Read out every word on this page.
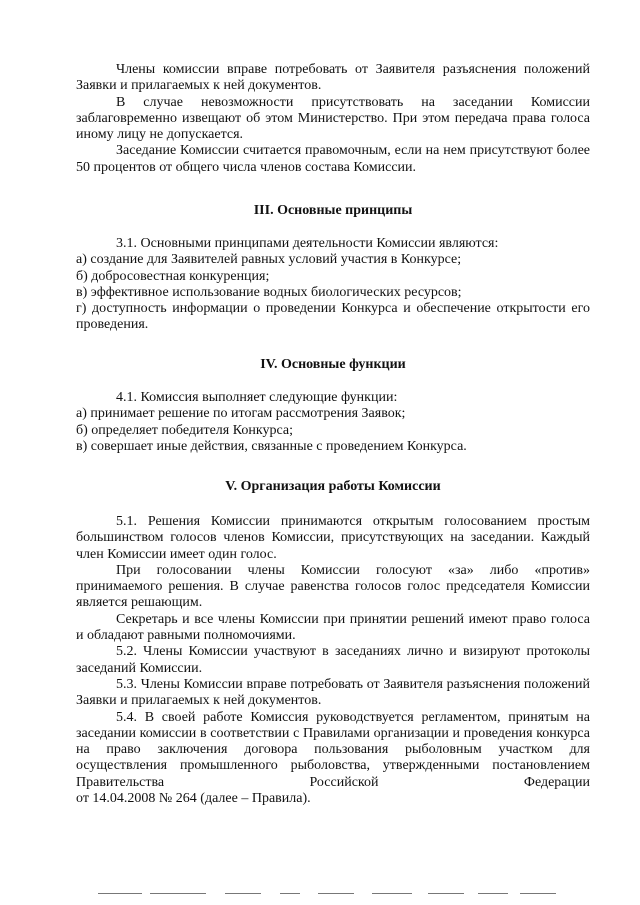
Члены комиссии вправе потребовать от Заявителя разъяснения положений Заявки и прилагаемых к ней документов.

В случае невозможности присутствовать на заседании Комиссии заблаговременно извещают об этом Министерство. При этом передача права голоса иному лицу не допускается.

Заседание Комиссии считается правомочным, если на нем присутствуют более 50 процентов от общего числа членов состава Комиссии.

III. Основные принципы

3.1. Основными принципами деятельности Комиссии являются:

а) создание для Заявителей равных условий участия в Конкурсе;

б) добросовестная конкуренция;

в) эффективное использование водных биологических ресурсов;

г) доступность информации о проведении Конкурса и обеспечение открытости его проведения.

IV. Основные функции

4.1. Комиссия выполняет следующие функции:

а) принимает решение по итогам рассмотрения Заявок;

б) определяет победителя Конкурса;

в) совершает иные действия, связанные с проведением Конкурса.

V. Организация работы Комиссии

5.1. Решения Комиссии принимаются открытым голосованием простым большинством голосов членов Комиссии, присутствующих на заседании. Каждый член Комиссии имеет один голос.

При голосовании члены Комиссии голосуют «за» либо «против» принимаемого решения. В случае равенства голосов голос председателя Комиссии является решающим.

Секретарь и все члены Комиссии при принятии решений имеют право голоса и обладают равными полномочиями.

5.2. Члены Комиссии участвуют в заседаниях лично и визируют протоколы заседаний Комиссии.

5.3. Члены Комиссии вправе потребовать от Заявителя разъяснения положений Заявки и прилагаемых к ней документов.

5.4. В своей работе Комиссия руководствуется регламентом, принятым на заседании комиссии в соответствии с Правилами организации и проведения конкурса на право заключения договора пользования рыболовным участком для осуществления промышленного рыболовства, утвержденными постановлением Правительства Российской Федерации

от 14.04.2008 № 264 (далее – Правила).
